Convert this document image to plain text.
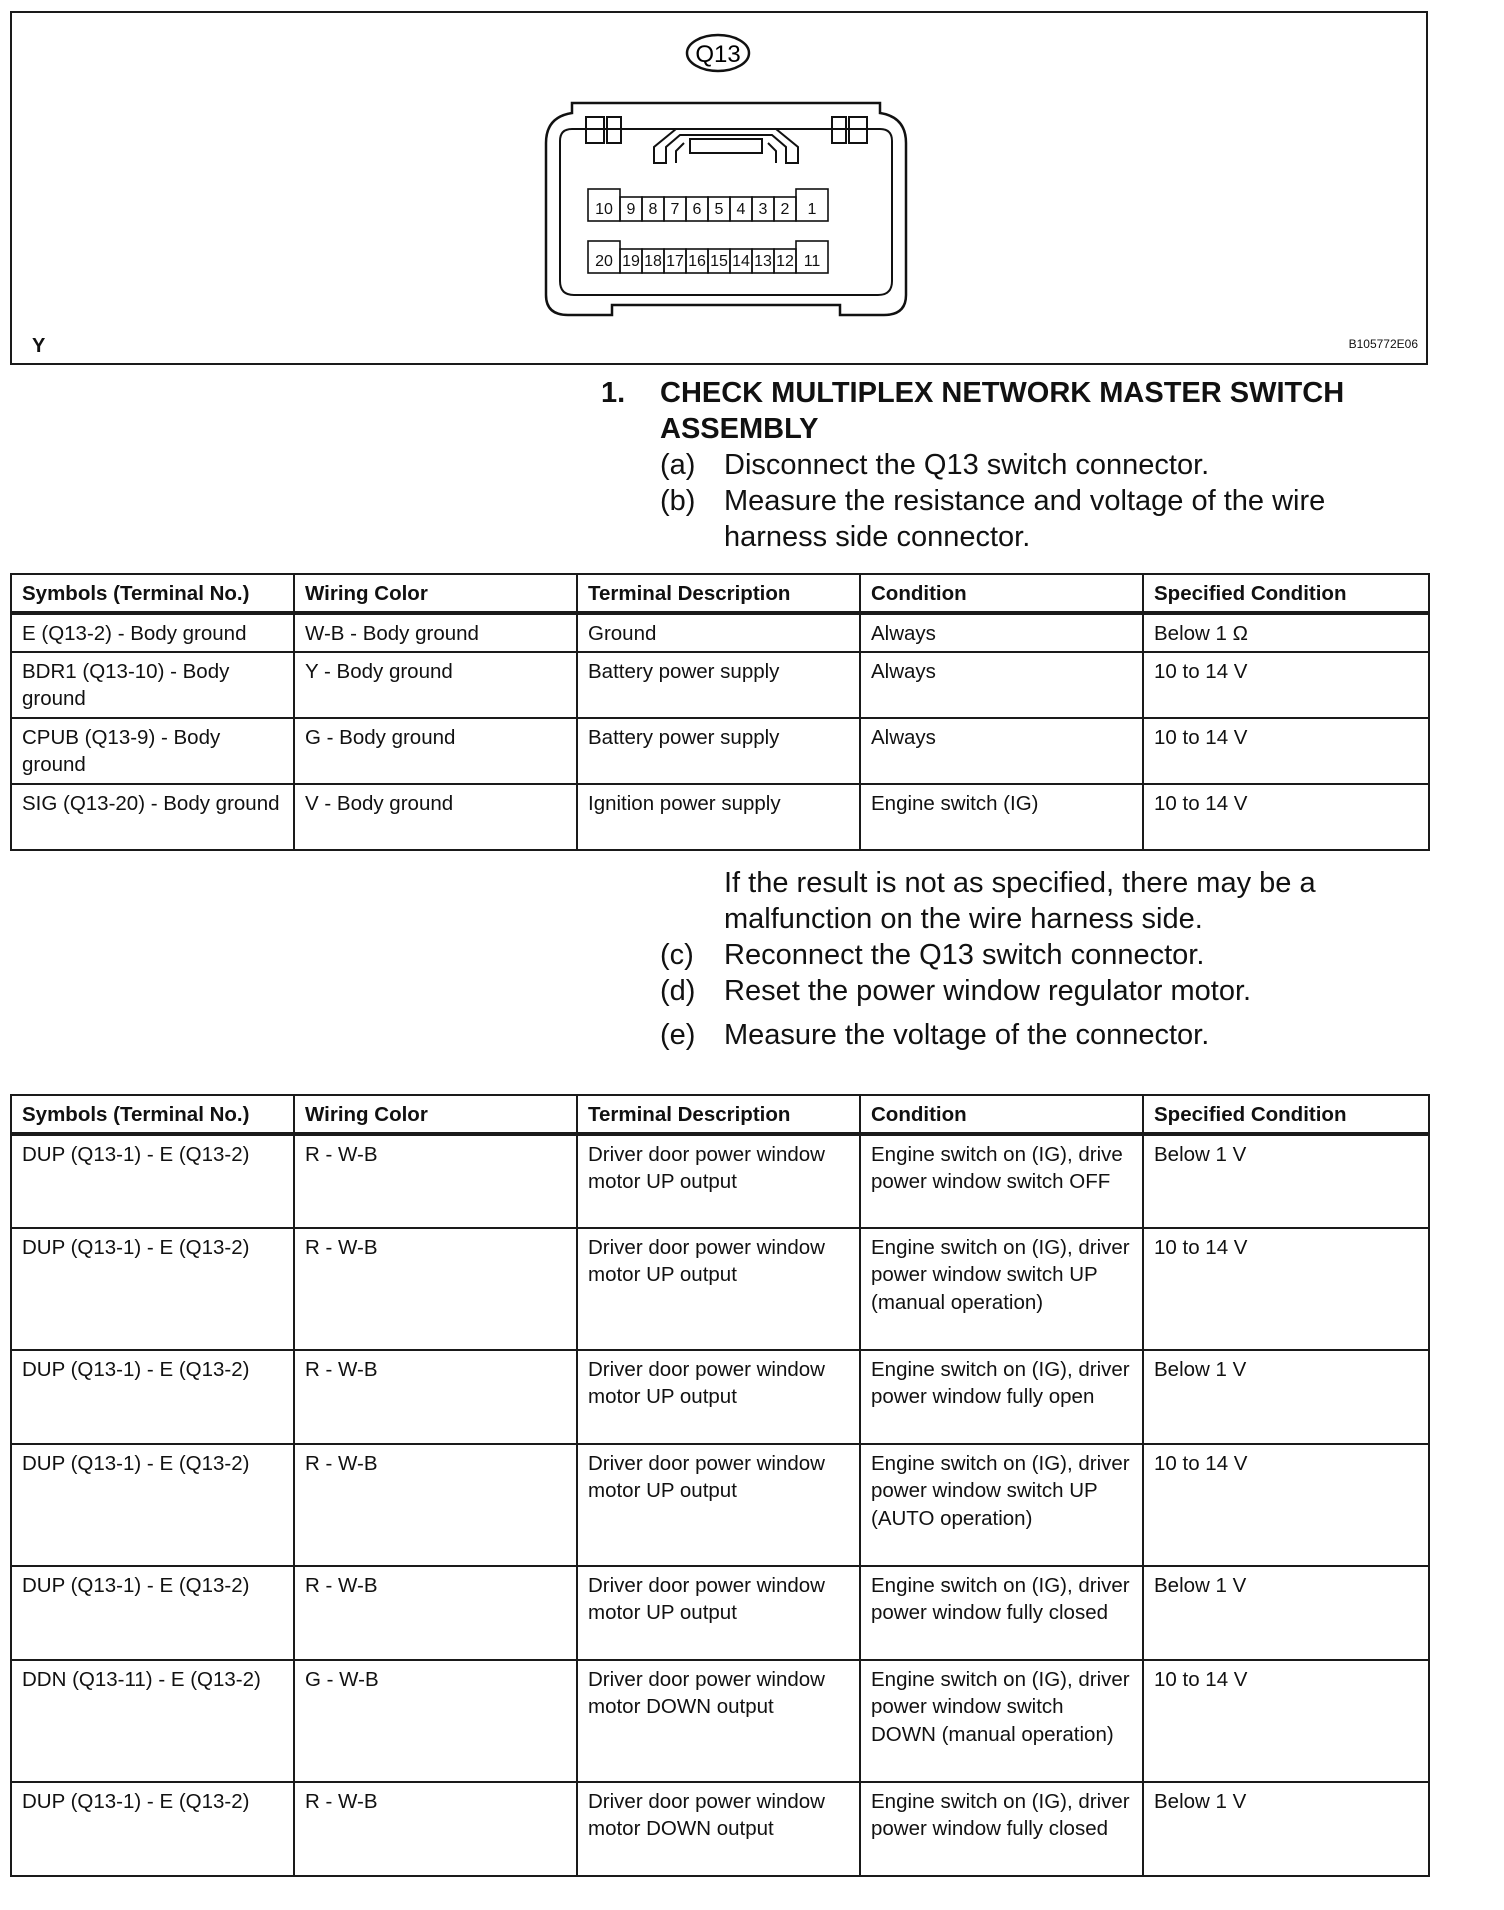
Q13
10 9 8 7 6 5 4 3 2 1
20 19 18 17 16 15 14 13 12 11
Y	B105772E06
1. CHECK MULTIPLEX NETWORK MASTER SWITCH
ASSEMBLY
(a) Disconnect the Q13 switch connector.
(b) Measure the resistance and voltage of the wire
harness side connector.
Symbols (Terminal No.)	Wiring Color	Terminal Description	Condition	Specified Condition
E (Q13-2) - Body ground	W-B - Body ground	Ground	Always	Below 1 Ω
BDR1 (Q13-10) - Body ground	Y - Body ground	Battery power supply	Always	10 to 14 V
CPUB (Q13-9) - Body ground	G - Body ground	Battery power supply	Always	10 to 14 V
SIG (Q13-20) - Body ground	V - Body ground	Ignition power supply	Engine switch (IG)	10 to 14 V
If the result is not as specified, there may be a
malfunction on the wire harness side.
(c) Reconnect the Q13 switch connector.
(d) Reset the power window regulator motor.
(e) Measure the voltage of the connector.
Symbols (Terminal No.)	Wiring Color	Terminal Description	Condition	Specified Condition
DUP (Q13-1) - E (Q13-2)	R - W-B	Driver door power window motor UP output	Engine switch on (IG), drive power window switch OFF	Below 1 V
DUP (Q13-1) - E (Q13-2)	R - W-B	Driver door power window motor UP output	Engine switch on (IG), driver power window switch UP (manual operation)	10 to 14 V
DUP (Q13-1) - E (Q13-2)	R - W-B	Driver door power window motor UP output	Engine switch on (IG), driver power window fully open	Below 1 V
DUP (Q13-1) - E (Q13-2)	R - W-B	Driver door power window motor UP output	Engine switch on (IG), driver power window switch UP (AUTO operation)	10 to 14 V
DUP (Q13-1) - E (Q13-2)	R - W-B	Driver door power window motor UP output	Engine switch on (IG), driver power window fully closed	Below 1 V
DDN (Q13-11) - E (Q13-2)	G - W-B	Driver door power window motor DOWN output	Engine switch on (IG), driver power window switch DOWN (manual operation)	10 to 14 V
DUP (Q13-1) - E (Q13-2)	R - W-B	Driver door power window motor DOWN output	Engine switch on (IG), driver power window fully closed	Below 1 V
